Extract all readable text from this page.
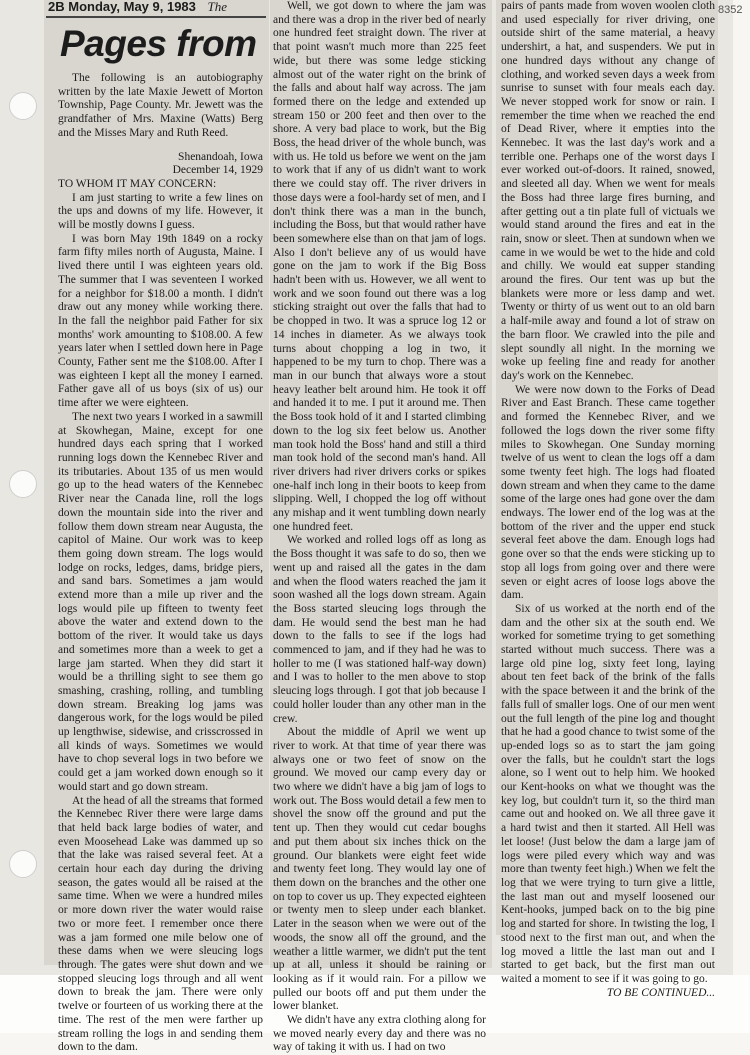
8352
2B Monday, May 9, 1983 The
Pages from

The following is an autobiography written by the late Maxie Jewett of Morton Township, Page County. Mr. Jewett was the grandfather of Mrs. Maxine (Watts) Berg and the Misses Mary and Ruth Reed.

Shenandoah, Iowa

December 14, 1929

TO WHOM IT MAY CONCERN:

I am just starting to write a few lines on the ups and downs of my life. However, it will be mostly downs I guess.

I was born May 19th 1849 on a rocky farm fifty miles north of Augusta, Maine. I lived there until I was eighteen years old. The summer that I was seventeen I worked for a neighbor for $18.00 a month. I didn't draw out any money while working there. In the fall the neighbor paid Father for six months' work amounting to $108.00. A few years later when I settled down here in Page County, Father sent me the $108.00. After I was eighteen I kept all the money I earned. Father gave all of us boys (six of us) our time after we were eighteen.

The next two years I worked in a sawmill at Skowhegan, Maine, except for one hundred days each spring that I worked running logs down the Kennebec River and its tributaries. About 135 of us men would go up to the head waters of the Kennebec River near the Canada line, roll the logs down the mountain side into the river and follow them down stream near Augusta, the capitol of Maine. Our work was to keep them going down stream. The logs would lodge on rocks, ledges, dams, bridge piers, and sand bars. Sometimes a jam would extend more than a mile up river and the logs would pile up fifteen to twenty feet above the water and extend down to the bottom of the river. It would take us days and sometimes more than a week to get a large jam started. When they did start it would be a thrilling sight to see them go smashing, crashing, rolling, and tumbling down stream. Breaking log jams was dangerous work, for the logs would be piled up lengthwise, sidewise, and crisscrossed in all kinds of ways. Sometimes we would have to chop several logs in two before we could get a jam worked down enough so it would start and go down stream.

At the head of all the streams that formed the Kennebec River there were large dams that held back large bodies of water, and even Moosehead Lake was dammed up so that the lake was raised several feet. At a certain hour each day during the driving season, the gates would all be raised at the same time. When we were a hundred miles or more down river the water would raise two or more feet. I remember once there was a jam formed one mile below one of these dams when we were sleucing logs through. The gates were shut down and we stopped sleucing logs through and all went down to break the jam. There were only twelve or fourteen of us working there at the time. The rest of the men were farther up stream rolling the logs in and sending them down to the dam.

Well, we got down to where the jam was and there was a drop in the river bed of nearly one hundred feet straight down. The river at that point wasn't much more than 225 feet wide, but there was some ledge sticking almost out of the water right on the brink of the falls and about half way across. The jam formed there on the ledge and extended up stream 150 or 200 feet and then over to the shore. A very bad place to work, but the Big Boss, the head driver of the whole bunch, was with us. He told us before we went on the jam to work that if any of us didn't want to work there we could stay off. The river drivers in those days were a fool-hardy set of men, and I don't think there was a man in the bunch, including the Boss, but that would rather have been somewhere else than on that jam of logs. Also I don't believe any of us would have gone on the jam to work if the Big Boss hadn't been with us. However, we all went to work and we soon found out there was a log sticking straight out over the falls that had to be chopped in two. It was a spruce log 12 or 14 inches in diameter. As we always took turns about chopping a log in two, it happened to be my turn to chop. There was a man in our bunch that always wore a stout heavy leather belt around him. He took it off and handed it to me. I put it around me. Then the Boss took hold of it and I started climbing down to the log six feet below us. Another man took hold the Boss' hand and still a third man took hold of the second man's hand. All river drivers had river drivers corks or spikes one-half inch long in their boots to keep from slipping. Well, I chopped the log off without any mishap and it went tumbling down nearly one hundred feet.

We worked and rolled logs off as long as the Boss thought it was safe to do so, then we went up and raised all the gates in the dam and when the flood waters reached the jam it soon washed all the logs down stream. Again the Boss started sleucing logs through the dam. He would send the best man he had down to the falls to see if the logs had commenced to jam, and if they had he was to holler to me (I was stationed half-way down) and I was to holler to the men above to stop sleucing logs through. I got that job because I could holler louder than any other man in the crew.

About the middle of April we went up river to work. At that time of year there was always one or two feet of snow on the ground. We moved our camp every day or two where we didn't have a big jam of logs to work out. The Boss would detail a few men to shovel the snow off the ground and put the tent up. Then they would cut cedar boughs and put them about six inches thick on the ground. Our blankets were eight feet wide and twenty feet long. They would lay one of them down on the branches and the other one on top to cover us up. They expected eighteen or twenty men to sleep under each blanket. Later in the season when we were out of the woods, the snow all off the ground, and the weather a little warmer, we didn't put the tent up at all, unless it should be raining or looking as if it would rain. For a pillow we pulled our boots off and put them under the lower blanket.

We didn't have any extra clothing along for we moved nearly every day and there was no way of taking it with us. I had on two

pairs of pants made from woven woolen cloth and used especially for river driving, one outside shirt of the same material, a heavy undershirt, a hat, and suspenders. We put in one hundred days without any change of clothing, and worked seven days a week from sunrise to sunset with four meals each day. We never stopped work for snow or rain. I remember the time when we reached the end of Dead River, where it empties into the Kennebec. It was the last day's work and a terrible one. Perhaps one of the worst days I ever worked out-of-doors. It rained, snowed, and sleeted all day. When we went for meals the Boss had three large fires burning, and after getting out a tin plate full of victuals we would stand around the fires and eat in the rain, snow or sleet. Then at sundown when we came in we would be wet to the hide and cold and chilly. We would eat supper standing around the fires. Our tent was up but the blankets were more or less damp and wet. Twenty or thirty of us went out to an old barn a half-mile away and found a lot of straw on the barn floor. We crawled into the pile and slept soundly all night. In the morning we woke up feeling fine and ready for another day's work on the Kennebec.

We were now down to the Forks of Dead River and East Branch. These came together and formed the Kennebec River, and we followed the logs down the river some fifty miles to Skowhegan. One Sunday morning twelve of us went to clean the logs off a dam some twenty feet high. The logs had floated down stream and when they came to the dame some of the large ones had gone over the dam endways. The lower end of the log was at the bottom of the river and the upper end stuck several feet above the dam. Enough logs had gone over so that the ends were sticking up to stop all logs from going over and there were seven or eight acres of loose logs above the dam.

Six of us worked at the north end of the dam and the other six at the south end. We worked for sometime trying to get something started without much success. There was a large old pine log, sixty feet long, laying about ten feet back of the brink of the falls with the space between it and the brink of the falls full of smaller logs. One of our men went out the full length of the pine log and thought that he had a good chance to twist some of the up-ended logs so as to start the jam going over the falls, but he couldn't start the logs alone, so I went out to help him. We hooked our Kent-hooks on what we thought was the key log, but couldn't turn it, so the third man came out and hooked on. We all three gave it a hard twist and then it started. All Hell was let loose! (Just below the dam a large jam of logs were piled every which way and was more than twenty feet high.) When we felt the log that we were trying to turn give a little, the last man out and myself loosened our Kent-hooks, jumped back on to the big pine log and started for shore. In twisting the log, I stood next to the first man out, and when the log moved a little the last man out and I started to get back, but the first man out waited a moment to see if it was going to go.

TO BE CONTINUED...
